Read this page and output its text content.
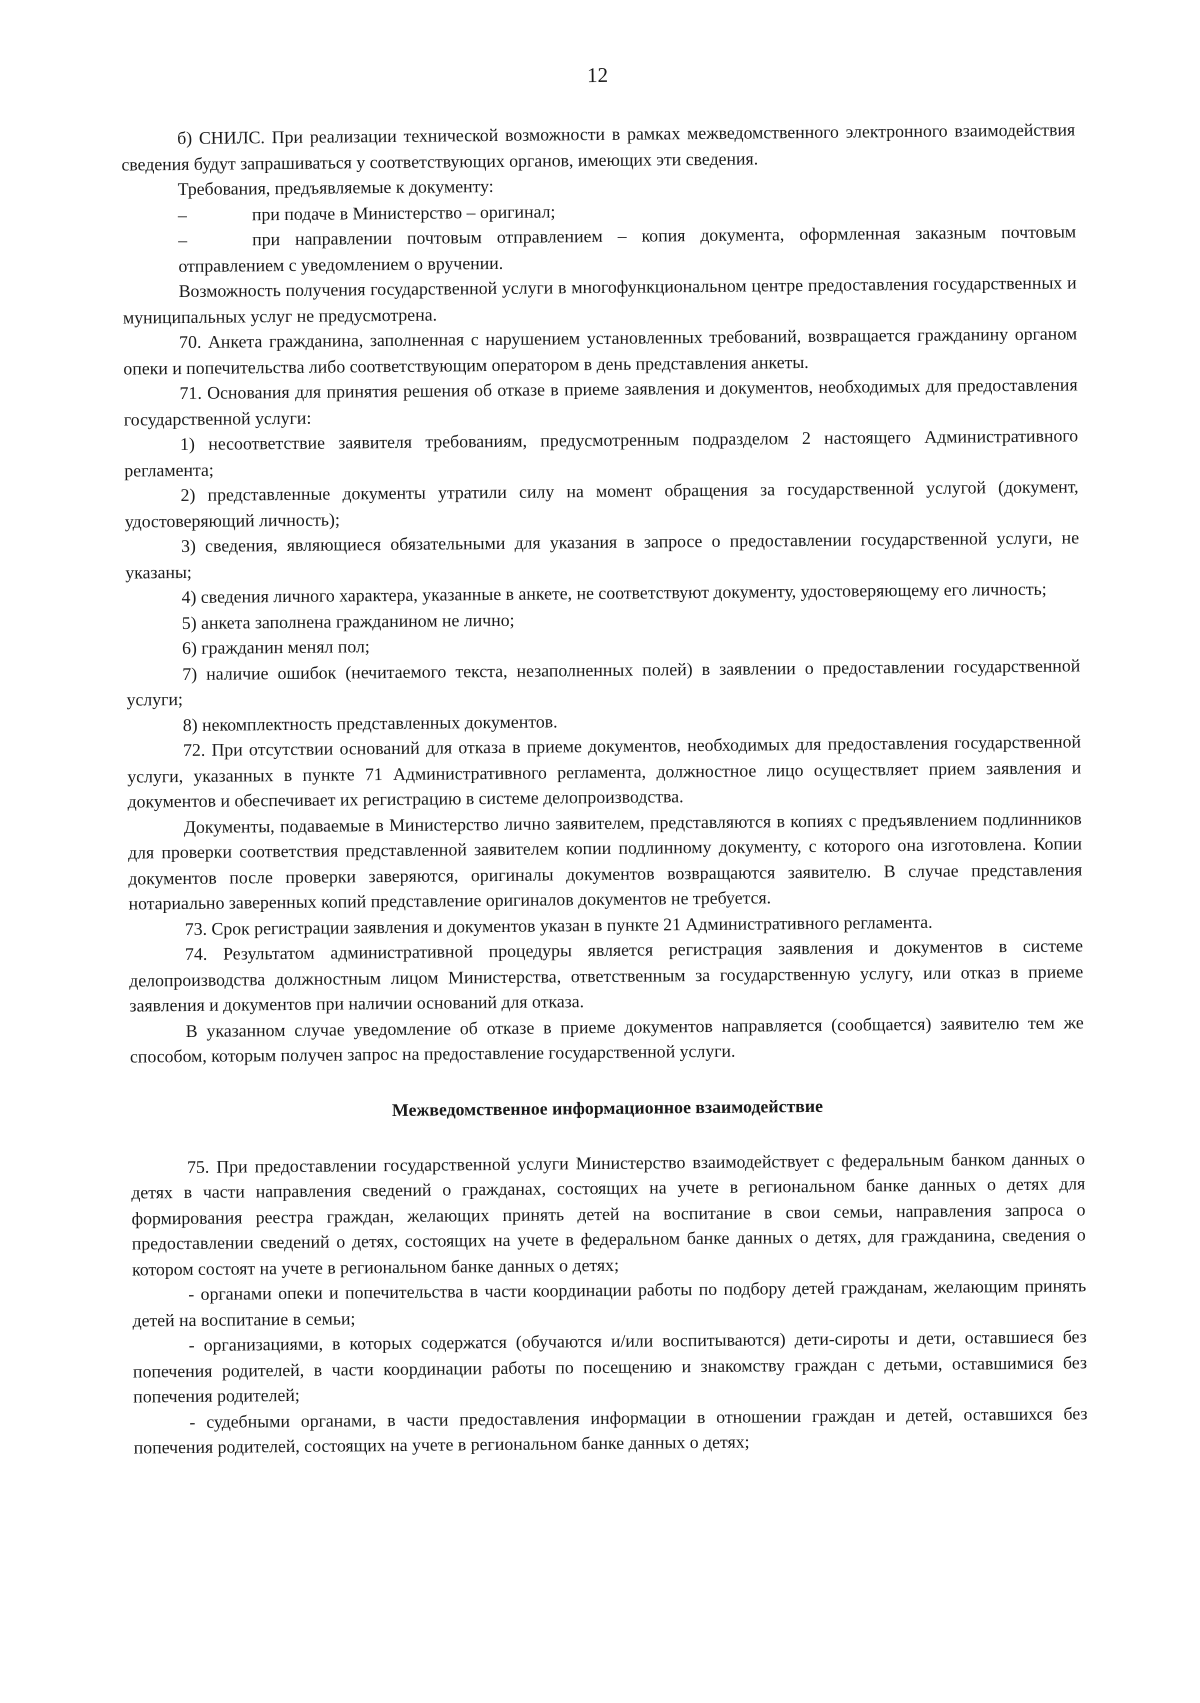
12

б) СНИЛС. При реализации технической возможности в рамках межведомственного электронного взаимодействия сведения будут запрашиваться у соответствующих органов, имеющих эти сведения.

Требования, предъявляемые к документу:

–	при подаче в Министерство – оригинал;

–	при направлении почтовым отправлением – копия документа, оформленная заказным почтовым отправлением с уведомлением о вручении.

Возможность получения государственной услуги в многофункциональном центре предоставления государственных и муниципальных услуг не предусмотрена.

70. Анкета гражданина, заполненная с нарушением установленных требований, возвращается гражданину органом опеки и попечительства либо соответствующим оператором в день представления анкеты.

71. Основания для принятия решения об отказе в приеме заявления и документов, необходимых для предоставления государственной услуги:

1) несоответствие заявителя требованиям, предусмотренным подразделом 2 настоящего Административного регламента;

2) представленные документы утратили силу на момент обращения за государственной услугой (документ, удостоверяющий личность);

3) сведения, являющиеся обязательными для указания в запросе о предоставлении государственной услуги, не указаны;

4) сведения личного характера, указанные в анкете, не соответствуют документу, удостоверяющему его личность;

5) анкета заполнена гражданином не лично;

6) гражданин менял пол;

7) наличие ошибок (нечитаемого текста, незаполненных полей) в заявлении о предоставлении государственной услуги;

8) некомплектность представленных документов.

72. При отсутствии оснований для отказа в приеме документов, необходимых для предоставления государственной услуги, указанных в пункте 71 Административного регламента, должностное лицо осуществляет прием заявления и документов и обеспечивает их регистрацию в системе делопроизводства.

Документы, подаваемые в Министерство лично заявителем, представляются в копиях с предъявлением подлинников для проверки соответствия представленной заявителем копии подлинному документу, с которого она изготовлена. Копии документов после проверки заверяются, оригиналы документов возвращаются заявителю. В случае представления нотариально заверенных копий представление оригиналов документов не требуется.

73. Срок регистрации заявления и документов указан в пункте 21 Административного регламента.

74. Результатом административной процедуры является регистрация заявления и документов в системе делопроизводства должностным лицом Министерства, ответственным за государственную услугу, или отказ в приеме заявления и документов при наличии оснований для отказа.

В указанном случае уведомление об отказе в приеме документов направляется (сообщается) заявителю тем же способом, которым получен запрос на предоставление государственной услуги.

Межведомственное информационное взаимодействие

75. При предоставлении государственной услуги Министерство взаимодействует с федеральным банком данных о детях в части направления сведений о гражданах, состоящих на учете в региональном банке данных о детях для формирования реестра граждан, желающих принять детей на воспитание в свои семьи, направления запроса о предоставлении сведений о детях, состоящих на учете в федеральном банке данных о детях, для гражданина, сведения о котором состоят на учете в региональном банке данных о детях;

- органами опеки и попечительства в части координации работы по подбору детей гражданам, желающим принять детей на воспитание в семьи;

- организациями, в которых содержатся (обучаются и/или воспитываются) дети-сироты и дети, оставшиеся без попечения родителей, в части координации работы по посещению и знакомству граждан с детьми, оставшимися без попечения родителей;

- судебными органами, в части предоставления информации в отношении граждан и детей, оставшихся без попечения родителей, состоящих на учете в региональном банке данных о детях;
